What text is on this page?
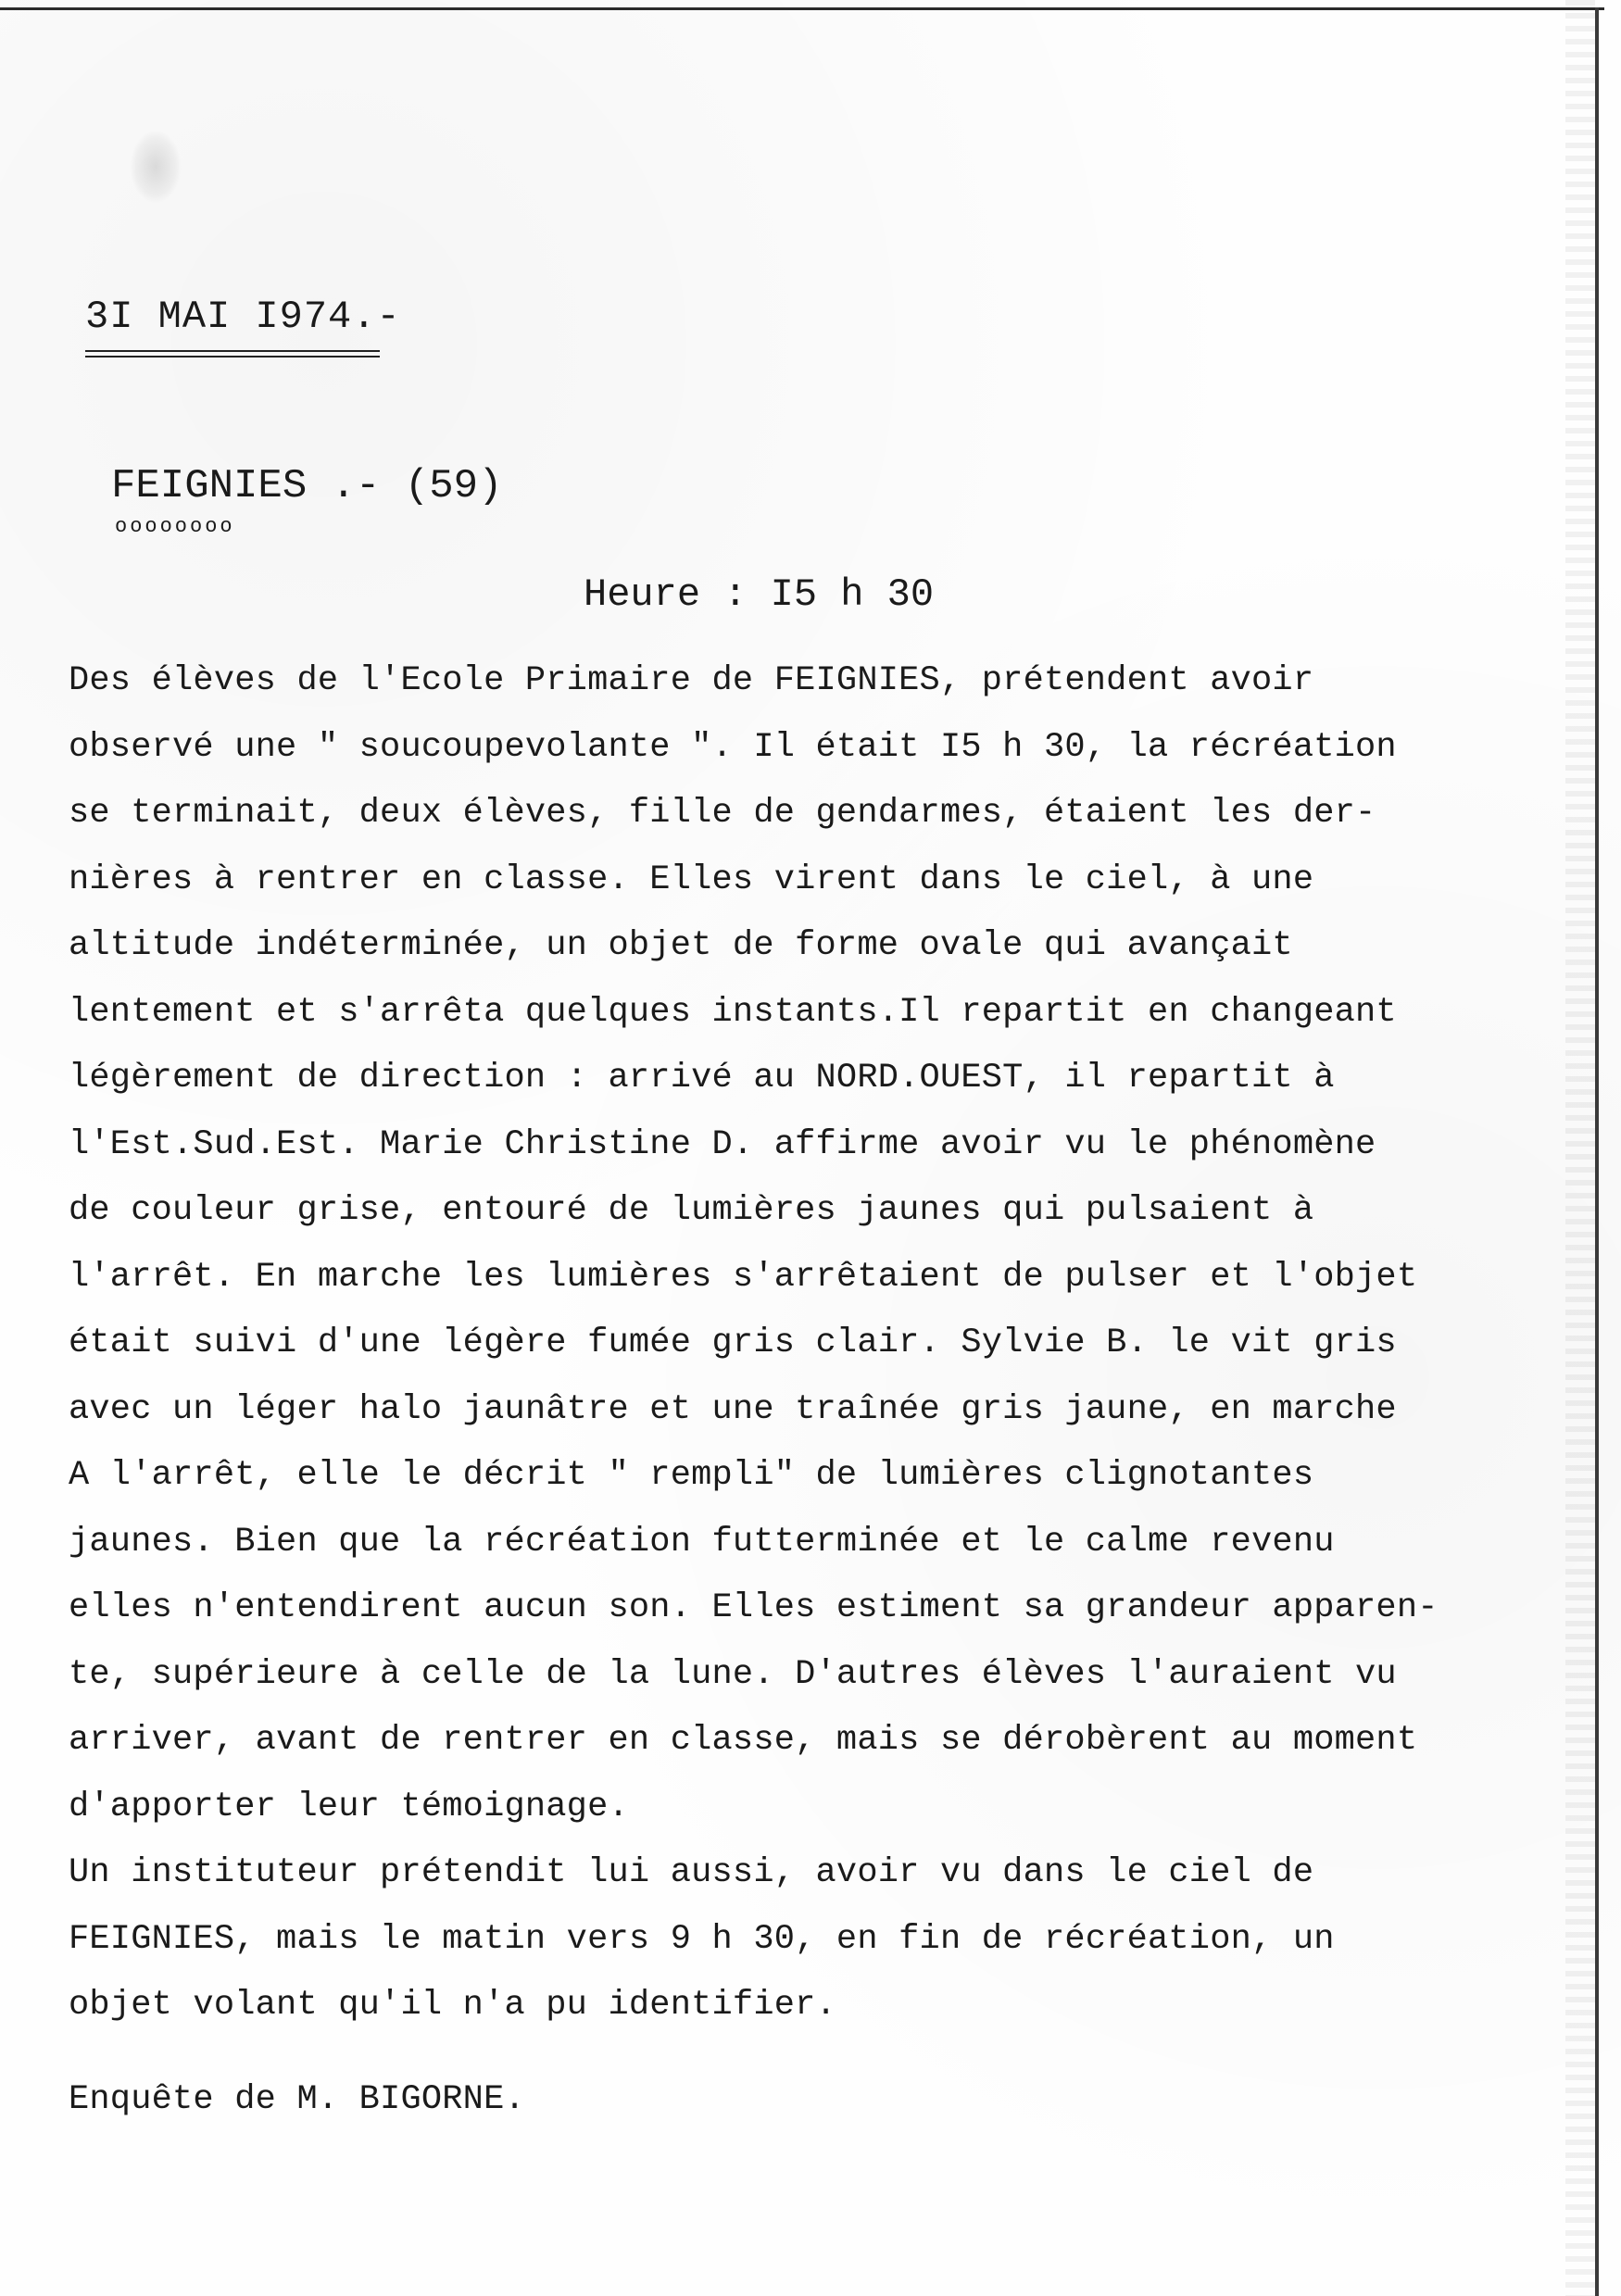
3I MAI I974.-
FEIGNIES .- (59)
oooooooo
Heure : I5 h 30
Des élèves de l'Ecole Primaire de FEIGNIES, prétendent avoir
observé une " soucoupevolante ". Il était I5 h 30, la récréation
se terminait, deux élèves, fille de gendarmes, étaient les der-
nières à rentrer en classe. Elles virent dans le ciel, à une
altitude indéterminée, un objet de forme ovale qui avançait
lentement et s'arrêta quelques instants.Il repartit en changeant
légèrement de direction : arrivé au NORD.OUEST, il repartit à
l'Est.Sud.Est. Marie Christine D. affirme avoir vu le phénomène
de couleur grise, entouré de lumières jaunes qui pulsaient à
l'arrêt. En marche les lumières s'arrêtaient de pulser et l'objet
était suivi d'une légère fumée gris clair. Sylvie B. le vit gris
avec un léger halo jaunâtre et une traînée gris jaune, en marche
A l'arrêt, elle le décrit " rempli" de lumières clignotantes
jaunes. Bien que la récréation futterminée et le calme revenu
elles n'entendirent aucun son. Elles estiment sa grandeur apparen-
te, supérieure à celle de la lune. D'autres élèves l'auraient vu
arriver, avant de rentrer en classe, mais se dérobèrent au moment
d'apporter leur témoignage.
Un instituteur prétendit lui aussi, avoir vu dans le ciel de
FEIGNIES, mais le matin vers 9 h 30, en fin de récréation, un
objet volant qu'il n'a pu identifier.
Enquête de M. BIGORNE.
